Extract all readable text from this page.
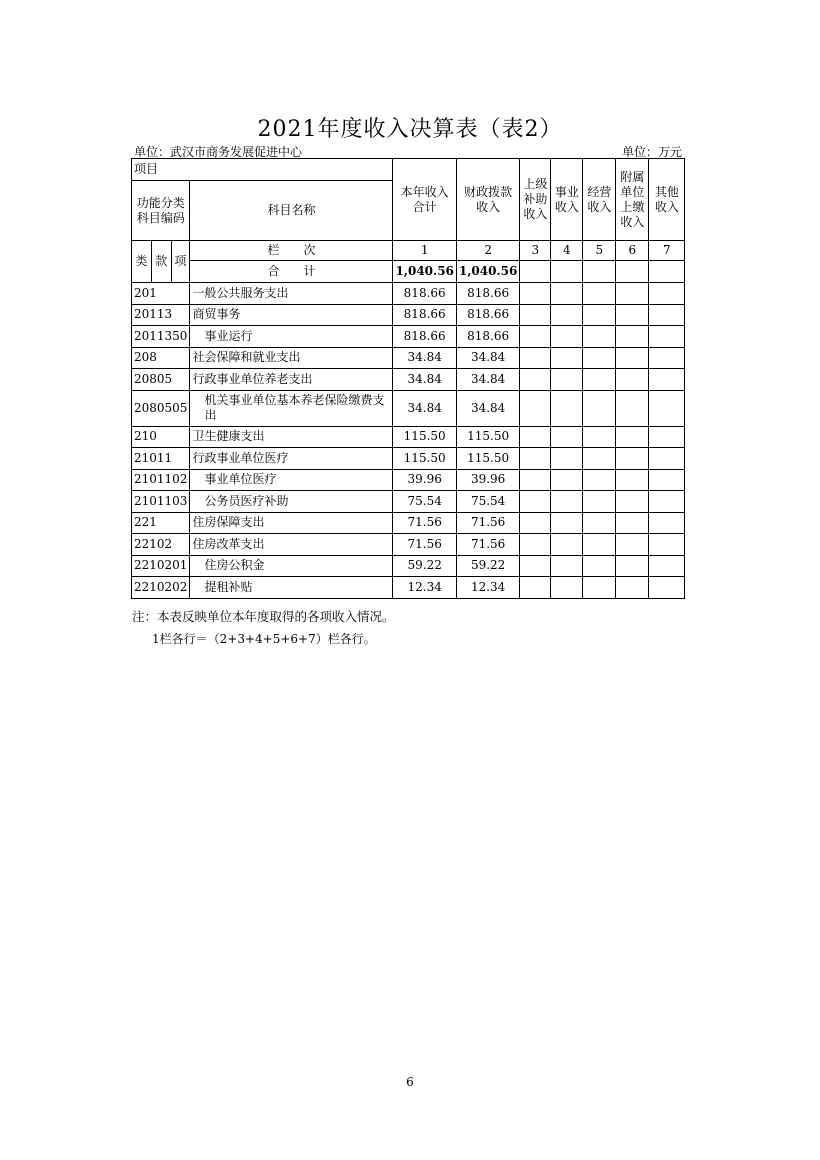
2021年度收入决算表（表2）
单位：武汉市商务发展促进中心	单位：万元
项目				本年收入合计	财政拨款收入	上级补助收入	事业收入	经营收入	附属单位上缴收入	其他收入
功能分类科目编码			科目名称							

类	款	项	栏　　次	1	2	3	4	5	6	7
			合　　计	1,040.56	1,040.56					
201			一般公共服务支出	818.66	818.66					
20113			商贸事务	818.66	818.66					
2011350			事业运行	818.66	818.66					
208			社会保障和就业支出	34.84	34.84					
20805			行政事业单位养老支出	34.84	34.84					
2080505			机关事业单位基本养老保险缴费支出	34.84	34.84					
210			卫生健康支出	115.50	115.50					
21011			行政事业单位医疗	115.50	115.50					
2101102			事业单位医疗	39.96	39.96					
2101103			公务员医疗补助	75.54	75.54					
221			住房保障支出	71.56	71.56					
22102			住房改革支出	71.56	71.56					
2210201			住房公积金	59.22	59.22					
2210202			提租补贴	12.34	12.34					
注：本表反映单位本年度取得的各项收入情况。
1栏各行＝（2+3+4+5+6+7）栏各行。
6
